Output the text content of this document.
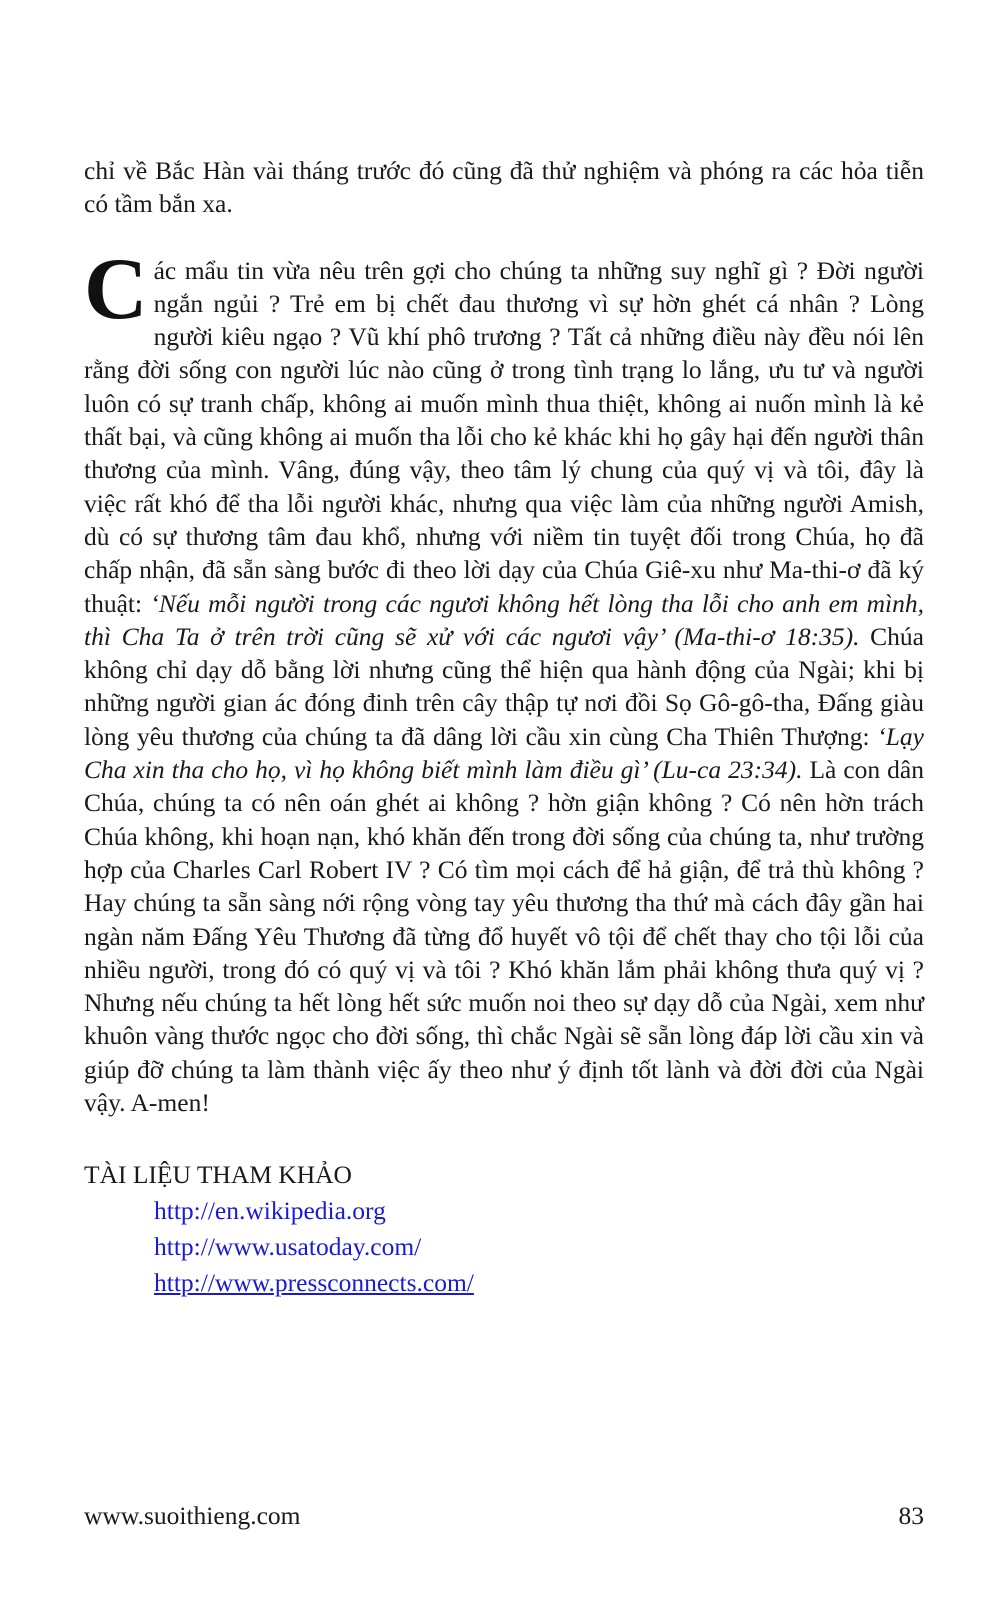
chỉ về Bắc Hàn vài tháng trước đó cũng đã thử nghiệm và phóng ra các hỏa tiễn có tầm bắn xa.

Các mẩu tin vừa nêu trên gợi cho chúng ta những suy nghĩ gì ? Đời người ngắn ngủi ? Trẻ em bị chết đau thương vì sự hờn ghét cá nhân ? Lòng người kiêu ngạo ? Vũ khí phô trương ? Tất cả những điều này đều nói lên rằng đời sống con người lúc nào cũng ở trong tình trạng lo lắng, ưu tư và người luôn có sự tranh chấp, không ai muốn mình thua thiệt, không ai nuốn mình là kẻ thất bại, và cũng không ai muốn tha lỗi cho kẻ khác khi họ gây hại đến người thân thương của mình. Vâng, đúng vậy, theo tâm lý chung của quý vị và tôi, đây là việc rất khó để tha lỗi người khác, nhưng qua việc làm của những người Amish, dù có sự thương tâm đau khổ, nhưng với niềm tin tuyệt đối trong Chúa, họ đã chấp nhận, đã sẵn sàng bước đi theo lời dạy của Chúa Giê-xu như Ma-thi-ơ đã ký thuật: ‘Nếu mỗi người trong các ngươi không hết lòng tha lỗi cho anh em mình, thì Cha Ta ở trên trời cũng sẽ xử với các ngươi vậy’ (Ma-thi-ơ 18:35). Chúa không chỉ dạy dỗ bằng lời nhưng cũng thể hiện qua hành động của Ngài; khi bị những người gian ác đóng đinh trên cây thập tự nơi đồi Sọ Gô-gô-tha, Đấng giàu lòng yêu thương của chúng ta đã dâng lời cầu xin cùng Cha Thiên Thượng: ‘Lạy Cha xin tha cho họ, vì họ không biết mình làm điều gì’ (Lu-ca 23:34). Là con dân Chúa, chúng ta có nên oán ghét ai không ? hờn giận không ? Có nên hờn trách Chúa không, khi hoạn nạn, khó khăn đến trong đời sống của chúng ta, như trường hợp của Charles Carl Robert IV ? Có tìm mọi cách để hả giận, để trả thù không ? Hay chúng ta sẵn sàng nới rộng vòng tay yêu thương tha thứ mà cách đây gần hai ngàn năm Đấng Yêu Thương đã từng đổ huyết vô tội để chết thay cho tội lỗi của nhiều người, trong đó có quý vị và tôi ? Khó khăn lắm phải không thưa quý vị ? Nhưng nếu chúng ta hết lòng hết sức muốn noi theo sự dạy dỗ của Ngài, xem như khuôn vàng thước ngọc cho đời sống, thì chắc Ngài sẽ sẵn lòng đáp lời cầu xin và giúp đỡ chúng ta làm thành việc ấy theo như ý định tốt lành và đời đời của Ngài vậy. A-men!

TÀI LIỆU THAM KHẢO

http://en.wikipedia.org
http://www.usatoday.com/
http://www.pressconnects.com/
www.suoithieng.com	83
